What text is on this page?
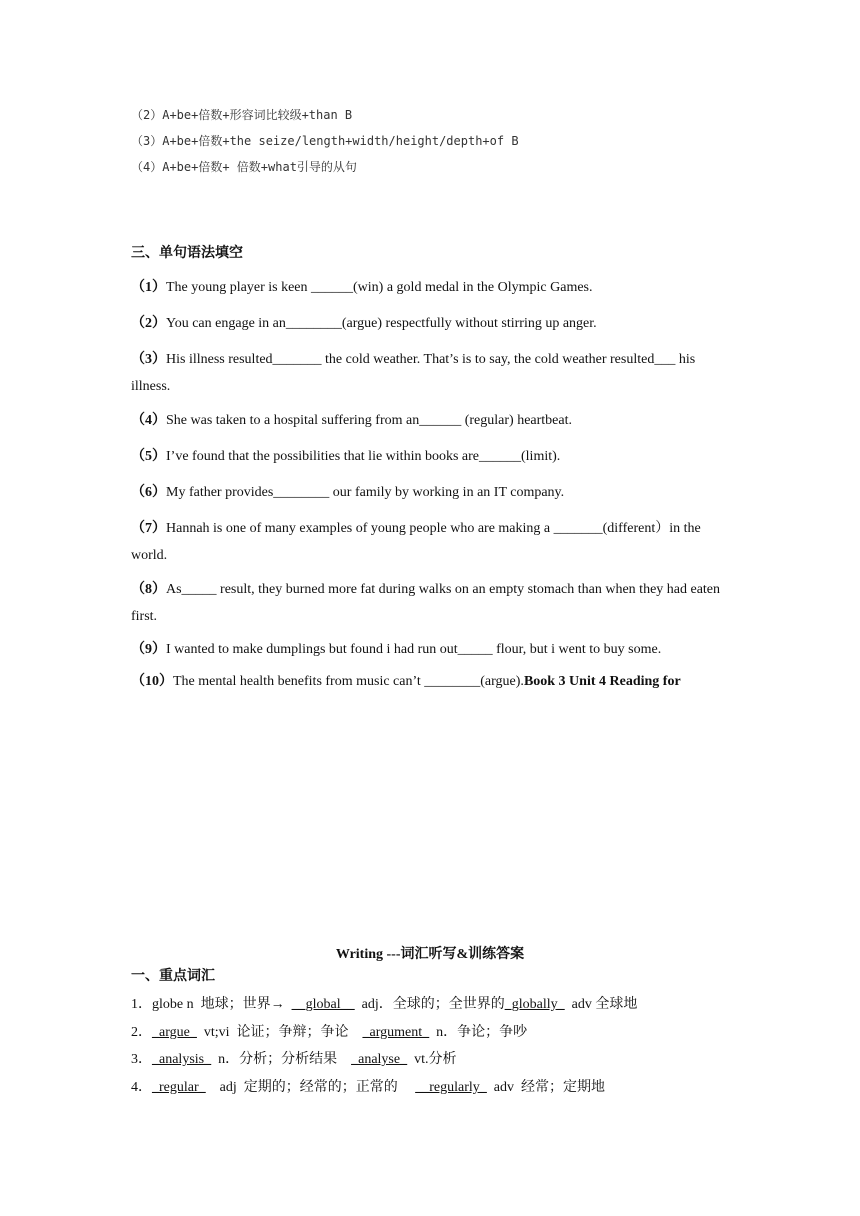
（2）A+be+倍数+形容词比较级+than B
（3）A+be+倍数+the seize/length+width/height/depth+of B
（4）A+be+倍数+ 倍数+what引导的从句
三、单句语法填空
（1）The young player is keen ______(win) a gold medal in the Olympic Games.
（2）You can engage in an________(argue) respectfully without stirring up anger.
（3）His illness resulted_______ the cold weather. That’s is to say, the cold weather resulted___ his illness.
（4）She was taken to a hospital suffering from an______ (regular) heartbeat.
（5）I’ve found that the possibilities that lie within books are______(limit).
（6）My father provides________ our family by working in an IT company.
（7）Hannah is one of many examples of young people who are making a _______(different）in the world.
（8）As_____ result, they burned more fat during walks on an empty stomach than when they had eaten first.
（9）I wanted to make dumplings but found i had run out_____ flour, but i went to buy some.
（10）The mental health benefits from music can’t ________(argue).Book 3 Unit 4 Reading for
Writing ---词汇听写&训练答案
一、重点词汇
1．globe n  地球；世界→  __global__  adj．全球的；全世界的_globally_  adv 全球地
2．_argue_  vt;vi  论证；争辩；争论    _argument_  n．争论；争吵
3．_analysis_  n．分析；分析结果    _analyse_  vt.分析
4．_regular_    adj  定期的；经常的；正常的     __regularly_  adv  经常；定期地
